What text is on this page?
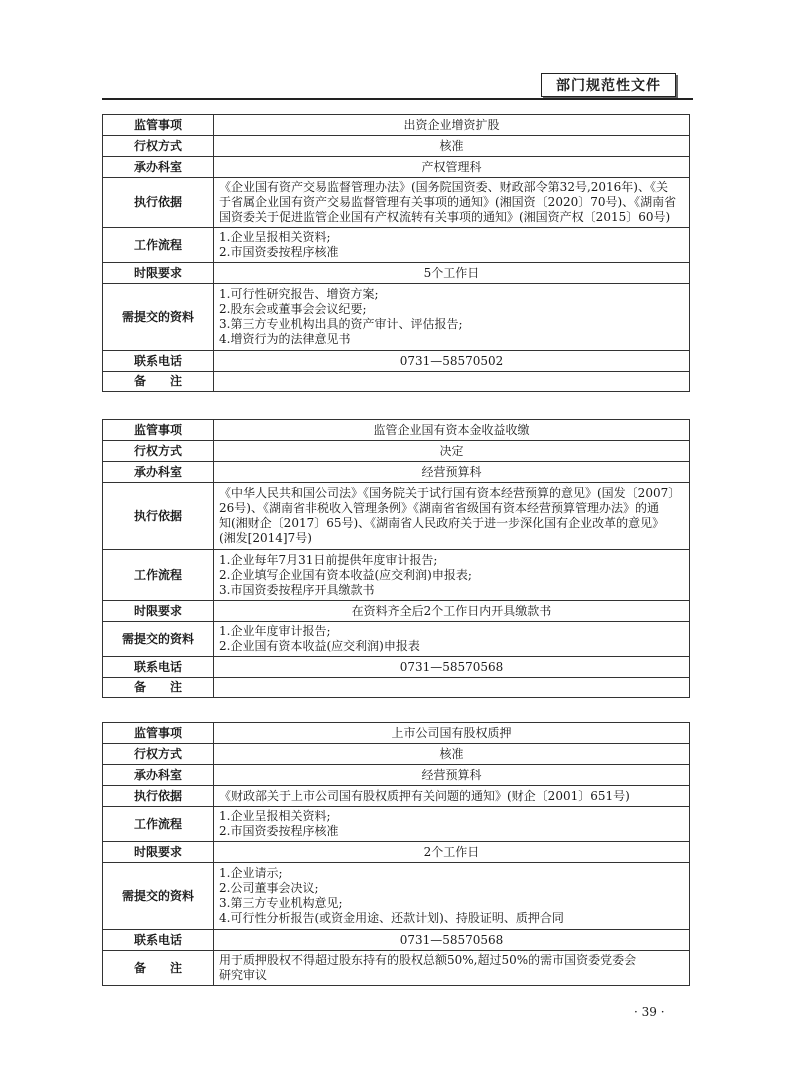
部门规范性文件
监管事项	出资企业增资扩股
行权方式	核准
承办科室	产权管理科
执行依据	《企业国有资产交易监督管理办法》(国务院国资委、财政部令第32号,2016年)、《关
于省属企业国有资产交易监督管理有关事项的通知》(湘国资〔2020〕70号)、《湖南省
国资委关于促进监管企业国有产权流转有关事项的通知》(湘国资产权〔2015〕60号)

工作流程	1.企业呈报相关资料;
2.市国资委按程序核准

时限要求	5个工作日
需提交的资料	1.可行性研究报告、增资方案;
2.股东会或董事会会议纪要;
3.第三方专业机构出具的资产审计、评估报告;
4.增资行为的法律意见书

联系电话	0731—58570502
备　　注	
监管事项	监管企业国有资本金收益收缴
行权方式	决定
承办科室	经营预算科
执行依据	《中华人民共和国公司法》《国务院关于试行国有资本经营预算的意见》(国发〔2007〕
26号)、《湖南省非税收入管理条例》《湖南省省级国有资本经营预算管理办法》的通
知(湘财企〔2017〕65号)、《湖南省人民政府关于进一步深化国有企业改革的意见》
(湘发[2014]7号)

工作流程	1.企业每年7月31日前提供年度审计报告;
2.企业填写企业国有资本收益(应交利润)申报表;
3.市国资委按程序开具缴款书

时限要求	在资料齐全后2个工作日内开具缴款书
需提交的资料	1.企业年度审计报告;
2.企业国有资本收益(应交利润)申报表

联系电话	0731—58570568
备　　注	
监管事项	上市公司国有股权质押
行权方式	核准
承办科室	经营预算科
执行依据	《财政部关于上市公司国有股权质押有关问题的通知》(财企〔2001〕651号)

工作流程	1.企业呈报相关资料;
2.市国资委按程序核准

时限要求	2个工作日
需提交的资料	1.企业请示;
2.公司董事会决议;
3.第三方专业机构意见;
4.可行性分析报告(或资金用途、还款计划)、持股证明、质押合同

联系电话	0731—58570568
备　　注	用于质押股权不得超过股东持有的股权总额50%,超过50%的需市国资委党委会
研究审议
· 39 ·
